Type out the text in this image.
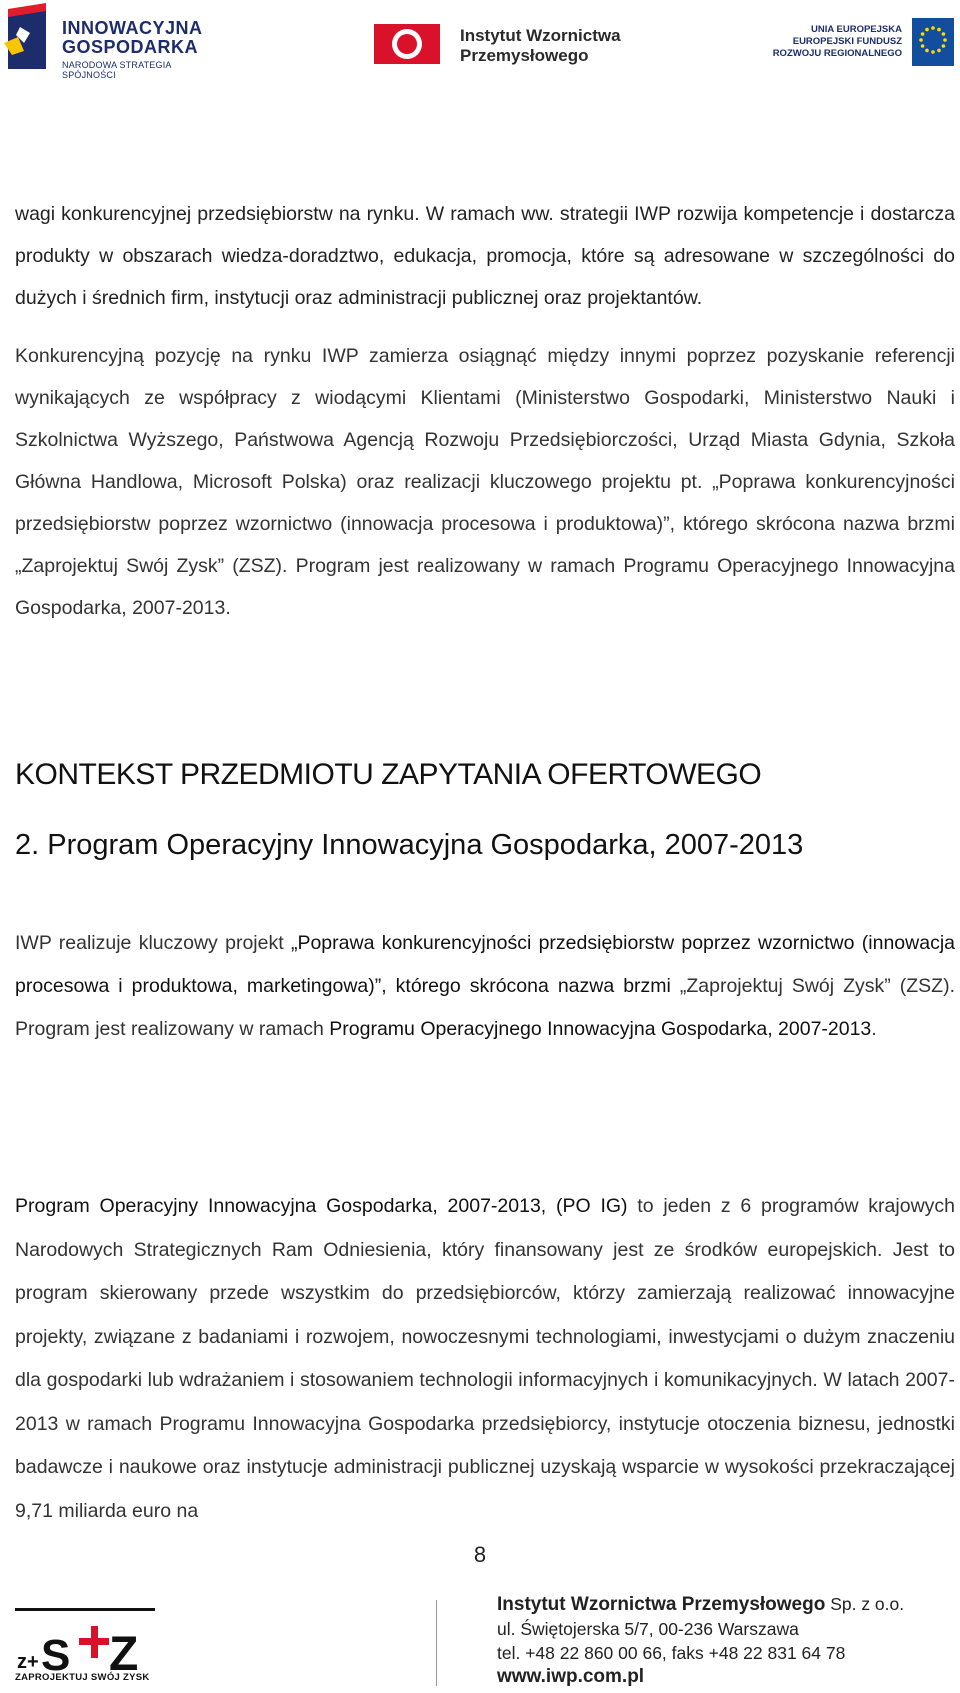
INNOWACYJNA
GOSPODARKA
NARODOWA STRATEGIA SPÓJNOŚCI
Instytut Wzornictwa
Przemysłowego
UNIA EUROPEJSKA
EUROPEJSKI FUNDUSZ
ROZWOJU REGIONALNEGO

wagi konkurencyjnej przedsiębiorstw na rynku. W ramach ww. strategii IWP rozwija kompetencje i dostarcza produkty w obszarach wiedza-doradztwo, edukacja, promocja, które są adresowane w szczególności do dużych i średnich firm, instytucji oraz administracji publicznej oraz projektantów.

Konkurencyjną pozycję na rynku IWP zamierza osiągnąć między innymi poprzez pozyskanie referencji wynikających ze współpracy z wiodącymi Klientami (Ministerstwo Gospodarki, Ministerstwo Nauki i Szkolnictwa Wyższego, Państwowa Agencją Rozwoju Przedsiębiorczości, Urząd Miasta Gdynia, Szkoła Główna Handlowa, Microsoft Polska) oraz realizacji kluczowego projektu pt. „Poprawa konkurencyjności przedsiębiorstw poprzez wzornictwo (innowacja procesowa i produktowa)”, którego skrócona nazwa brzmi „Zaprojektuj Swój Zysk” (ZSZ). Program jest realizowany w ramach Programu Operacyjnego Innowacyjna Gospodarka, 2007-2013.

KONTEKST PRZEDMIOTU ZAPYTANIA OFERTOWEGO
2. Program Operacyjny Innowacyjna Gospodarka, 2007-2013

IWP realizuje kluczowy projekt „Poprawa konkurencyjności przedsiębiorstw poprzez wzornictwo (innowacja procesowa i produktowa, marketingowa)”, którego skrócona nazwa brzmi „Zaprojektuj Swój Zysk” (ZSZ). Program jest realizowany w ramach Programu Operacyjnego Innowacyjna Gospodarka, 2007-2013.

Program Operacyjny Innowacyjna Gospodarka, 2007-2013, (PO IG) to jeden z 6 programów krajowych Narodowych Strategicznych Ram Odniesienia, który finansowany jest ze środków europejskich. Jest to program skierowany przede wszystkim do przedsiębiorców, którzy zamierzają realizować innowacyjne projekty, związane z badaniami i rozwojem, nowoczesnymi technologiami, inwestycjami o dużym znaczeniu dla gospodarki lub wdrażaniem i stosowaniem technologii informacyjnych i komunikacyjnych. W latach 2007-2013 w ramach Programu Innowacyjna Gospodarka przedsiębiorcy, instytucje otoczenia biznesu, jednostki badawcze i naukowe oraz instytucje administracji publicznej uzyskają wsparcie w wysokości przekraczającej 9,71 miliarda euro na

8
z+ S Z
ZAPROJEKTUJ SWÓJ ZYSK
Instytut Wzornictwa Przemysłowego Sp. z o.o.
ul. Świętojerska 5/7, 00-236 Warszawa
tel. +48 22 860 00 66, faks +48 22 831 64 78
www.iwp.com.pl
